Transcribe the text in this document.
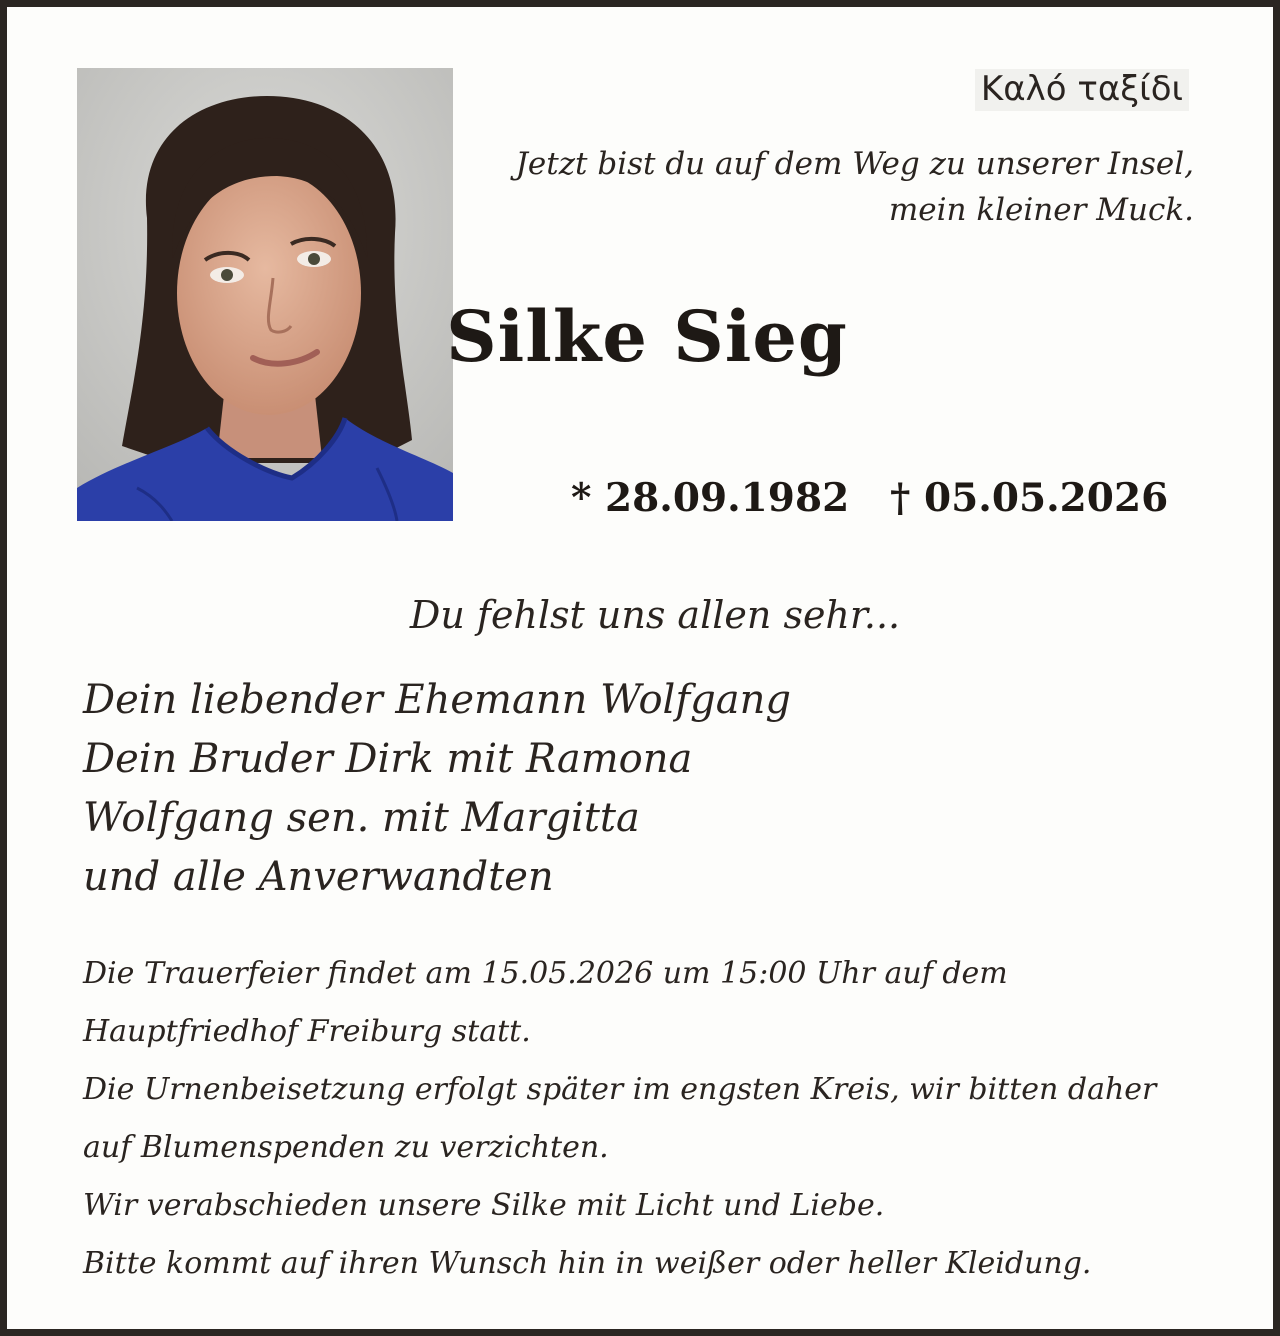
Καλό ταξίδι
Jetzt bist du auf dem Weg zu unserer Insel,
mein kleiner Muck.
Silke Sieg
* 28.09.1982 † 05.05.2026
Du fehlst uns allen sehr...
Dein liebender Ehemann Wolfgang
Dein Bruder Dirk mit Ramona
Wolfgang sen. mit Margitta
und alle Anverwandten
Die Trauerfeier findet am 15.05.2026 um 15:00 Uhr auf dem
Hauptfriedhof Freiburg statt.
Die Urnenbeisetzung erfolgt später im engsten Kreis, wir bitten daher
auf Blumenspenden zu verzichten.
Wir verabschieden unsere Silke mit Licht und Liebe.
Bitte kommt auf ihren Wunsch hin in weißer oder heller Kleidung.
